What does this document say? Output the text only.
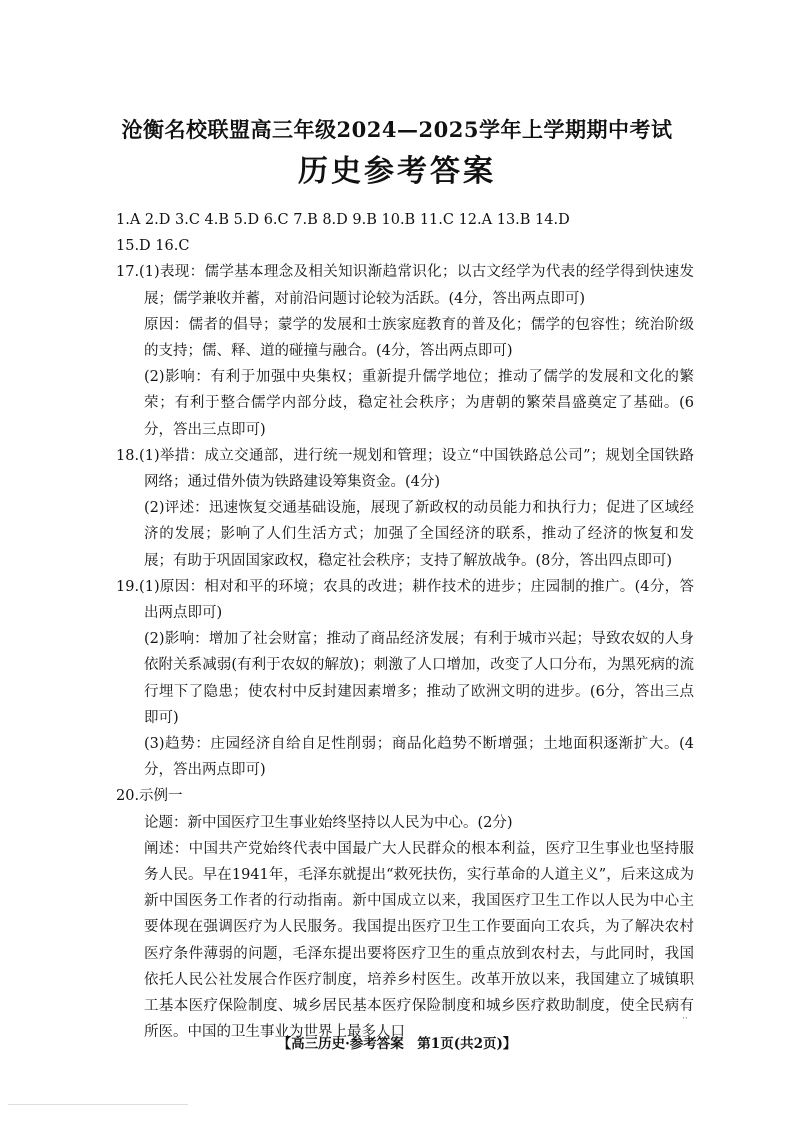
沧衡名校联盟高三年级2024—2025学年上学期期中考试
历史参考答案

1.A 2.D 3.C 4.B 5.D 6.C 7.B 8.D 9.B 10.B 11.C 12.A 13.B 14.D

15.D 16.C

17.(1)表现：儒学基本理念及相关知识渐趋常识化；以古文经学为代表的经学得到快速发展；儒学兼收并蓄，对前沿问题讨论较为活跃。(4分，答出两点即可)

原因：儒者的倡导；蒙学的发展和士族家庭教育的普及化；儒学的包容性；统治阶级的支持；儒、释、道的碰撞与融合。(4分，答出两点即可)

(2)影响：有利于加强中央集权；重新提升儒学地位；推动了儒学的发展和文化的繁荣；有利于整合儒学内部分歧，稳定社会秩序；为唐朝的繁荣昌盛奠定了基础。(6分，答出三点即可)

18.(1)举措：成立交通部，进行统一规划和管理；设立“中国铁路总公司”；规划全国铁路网络；通过借外债为铁路建设筹集资金。(4分)

(2)评述：迅速恢复交通基础设施，展现了新政权的动员能力和执行力；促进了区域经济的发展；影响了人们生活方式；加强了全国经济的联系，推动了经济的恢复和发展；有助于巩固国家政权，稳定社会秩序；支持了解放战争。(8分，答出四点即可)

19.(1)原因：相对和平的环境；农具的改进；耕作技术的进步；庄园制的推广。(4分，答出两点即可)

(2)影响：增加了社会财富；推动了商品经济发展；有利于城市兴起；导致农奴的人身依附关系减弱(有利于农奴的解放)；刺激了人口增加，改变了人口分布，为黑死病的流行埋下了隐患；使农村中反封建因素增多；推动了欧洲文明的进步。(6分，答出三点即可)

(3)趋势：庄园经济自给自足性削弱；商品化趋势不断增强；土地面积逐渐扩大。(4分，答出两点即可)

20.示例一

论题：新中国医疗卫生事业始终坚持以人民为中心。(2分)

阐述：中国共产党始终代表中国最广大人民群众的根本利益，医疗卫生事业也坚持服务人民。早在1941年，毛泽东就提出“救死扶伤，实行革命的人道主义”，后来这成为新中国医务工作者的行动指南。新中国成立以来，我国医疗卫生工作以人民为中心主要体现在强调医疗为人民服务。我国提出医疗卫生工作要面向工农兵，为了解决农村医疗条件薄弱的问题，毛泽东提出要将医疗卫生的重点放到农村去，与此同时，我国依托人民公社发展合作医疗制度，培养乡村医生。改革开放以来，我国建立了城镇职工基本医疗保险制度、城乡居民基本医疗保险制度和城乡医疗救助制度，使全民病有所医。中国的卫生事业为世界上最多人口

··
【高三历史·参考答案　第1页(共2页)】
